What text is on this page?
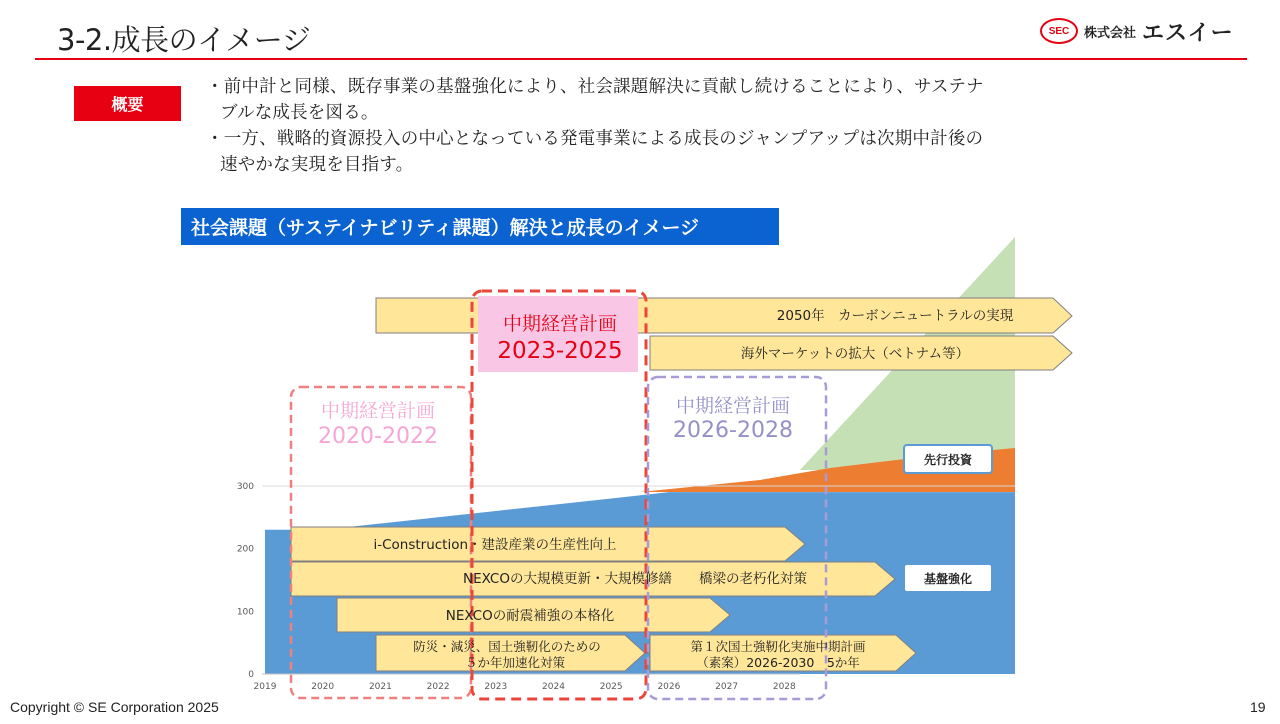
3-2.成長のイメージ	SEC	株式会社 エスイー
概要
・前中計と同様、既存事業の基盤強化により、社会課題解決に貢献し続けることにより、サステナ
ブルな成長を図る。
・一方、戦略的資源投入の中心となっている発電事業による成長のジャンプアップは次期中計後の
速やかな実現を目指す。
社会課題（サステイナビリティ課題）解決と成長のイメージ
0
100
200
300
2019	2020	2021	2022	2023	2024	2025	2026	2027	2028
中期経営計画
2020-2022
中期経営計画
2023-2025
中期経営計画
2026-2028
2050年　カーボンニュートラルの実現
海外マーケットの拡大（ベトナム等）
i-Construction・建設産業の生産性向上
NEXCOの大規模更新・大規模修繕　　橋梁の老朽化対策
NEXCOの耐震補強の本格化
防災・減災、国土強靭化のための
５か年加速化対策
第１次国土強靭化実施中期計画
（素案）2026-2030　5か年
先行投資
基盤強化
Copyright © SE Corporation 2025	19
